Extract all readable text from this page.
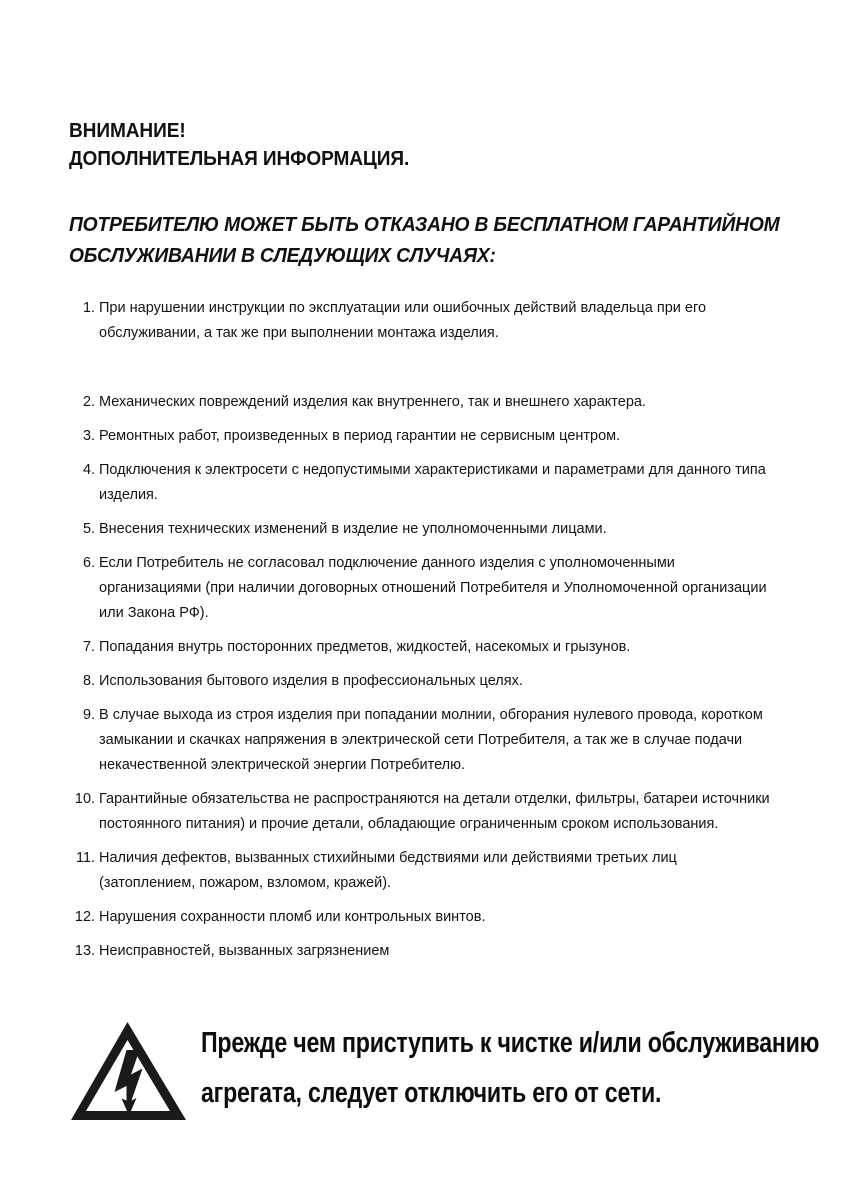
ВНИМАНИЕ!
ДОПОЛНИТЕЛЬНАЯ ИНФОРМАЦИЯ.
ПОТРЕБИТЕЛЮ МОЖЕТ БЫТЬ ОТКАЗАНО В БЕСПЛАТНОМ ГАРАНТИЙНОМ
ОБСЛУЖИВАНИИ В СЛЕДУЮЩИХ СЛУЧАЯХ:
1. При нарушении инструкции по эксплуатации или ошибочных действий владельца при его обслуживании, а так же при выполнении монтажа изделия.
2. Механических повреждений изделия как внутреннего, так и внешнего характера.
3. Ремонтных работ, произведенных в период гарантии не сервисным центром.
4. Подключения к электросети с недопустимыми характеристиками и параметрами для данного типа изделия.
5. Внесения технических изменений в изделие не уполномоченными лицами.
6. Если Потребитель не согласовал подключение данного изделия с уполномоченными организациями (при наличии договорных отношений Потребителя и Уполномоченной организации или Закона РФ).
7. Попадания внутрь посторонних предметов, жидкостей, насекомых и грызунов.
8. Использования бытового изделия в профессиональных целях.
9. В случае выхода из строя изделия при попадании молнии, обгорания нулевого провода, коротком замыкании и скачках напряжения в электрической сети Потребителя, а так же в случае подачи некачественной электрической энергии Потребителю.
10. Гарантийные обязательства не распространяются на детали отделки, фильтры, батареи источники постоянного питания) и прочие детали, обладающие ограниченным сроком использования.
11. Наличия дефектов, вызванных стихийными бедствиями или действиями третьих лиц (затоплением, пожаром, взломом, кражей).
12. Нарушения сохранности пломб или контрольных винтов.
13. Неисправностей, вызванных загрязнением
Прежде чем приступить к чистке и/или обслуживанию
агрегата, следует отключить его от сети.
